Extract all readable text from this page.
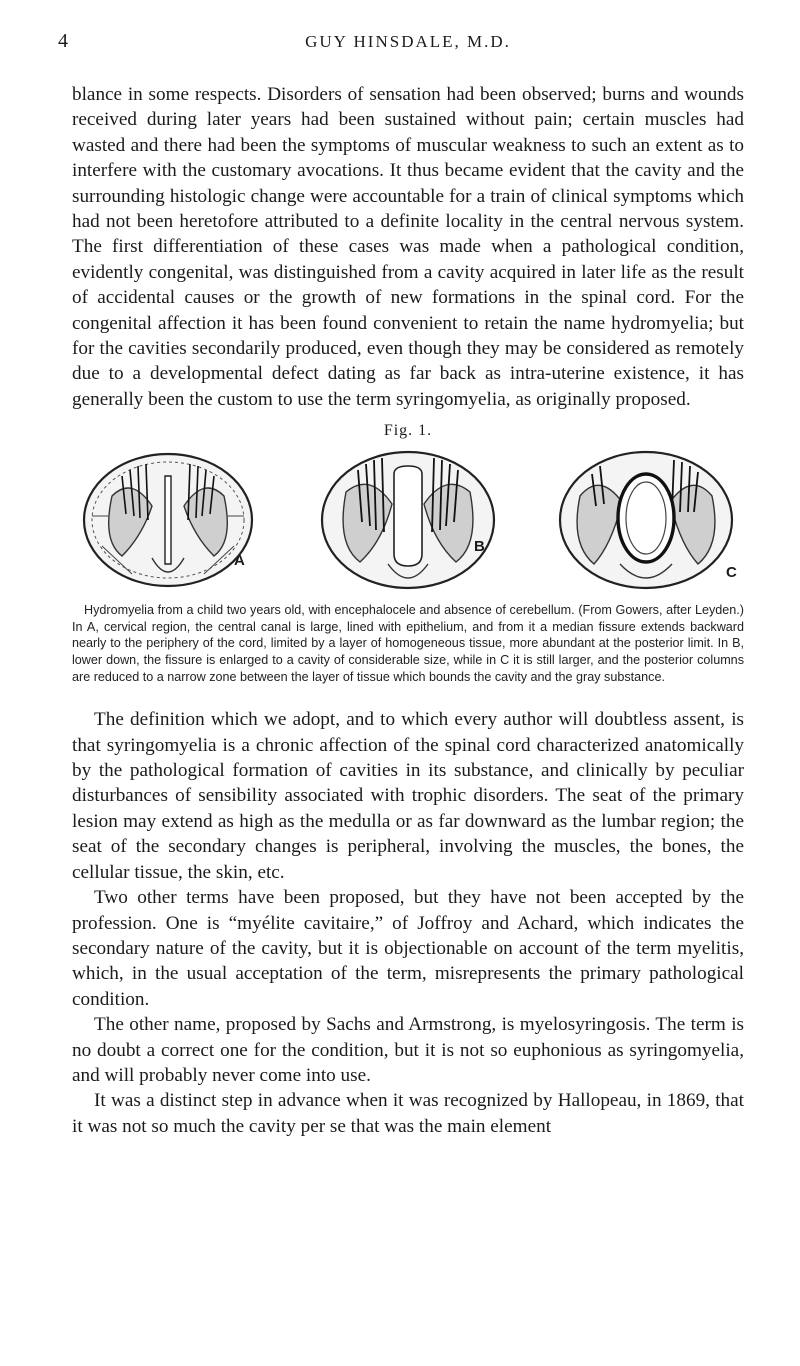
4	GUY HINSDALE, M.D.

blance in some respects. Disorders of sensation had been observed; burns and wounds received during later years had been sustained without pain; certain muscles had wasted and there had been the symptoms of muscular weakness to such an extent as to interfere with the customary avocations. It thus became evident that the cavity and the surrounding histologic change were accountable for a train of clinical symptoms which had not been heretofore attributed to a definite locality in the central nervous system. The first differentiation of these cases was made when a pathological condition, evidently congenital, was distinguished from a cavity acquired in later life as the result of accidental causes or the growth of new formations in the spinal cord. For the congenital affection it has been found convenient to retain the name hydromyelia; but for the cavities secondarily produced, even though they may be considered as remotely due to a developmental defect dating as far back as intra-uterine existence, it has generally been the custom to use the term syringomyelia, as originally proposed.

Fig. 1.
A
B
C

Hydromyelia from a child two years old, with encephalocele and absence of cerebellum. (From Gowers, after Leyden.) In A, cervical region, the central canal is large, lined with epithelium, and from it a median fissure extends backward nearly to the periphery of the cord, limited by a layer of homogeneous tissue, more abundant at the posterior limit. In B, lower down, the fissure is enlarged to a cavity of considerable size, while in C it is still larger, and the posterior columns are reduced to a narrow zone between the layer of tissue which bounds the cavity and the gray substance.

The definition which we adopt, and to which every author will doubtless assent, is that syringomyelia is a chronic affection of the spinal cord characterized anatomically by the pathological formation of cavities in its substance, and clinically by peculiar disturbances of sensibility associated with trophic disorders. The seat of the primary lesion may extend as high as the medulla or as far downward as the lumbar region; the seat of the secondary changes is peripheral, involving the muscles, the bones, the cellular tissue, the skin, etc.

Two other terms have been proposed, but they have not been accepted by the profession. One is “myélite cavitaire,” of Joffroy and Achard, which indicates the secondary nature of the cavity, but it is objectionable on account of the term myelitis, which, in the usual acceptation of the term, misrepresents the primary pathological condition.

The other name, proposed by Sachs and Armstrong, is myelosyringosis. The term is no doubt a correct one for the condition, but it is not so euphonious as syringomyelia, and will probably never come into use.

It was a distinct step in advance when it was recognized by Hallopeau, in 1869, that it was not so much the cavity per se that was the main element
